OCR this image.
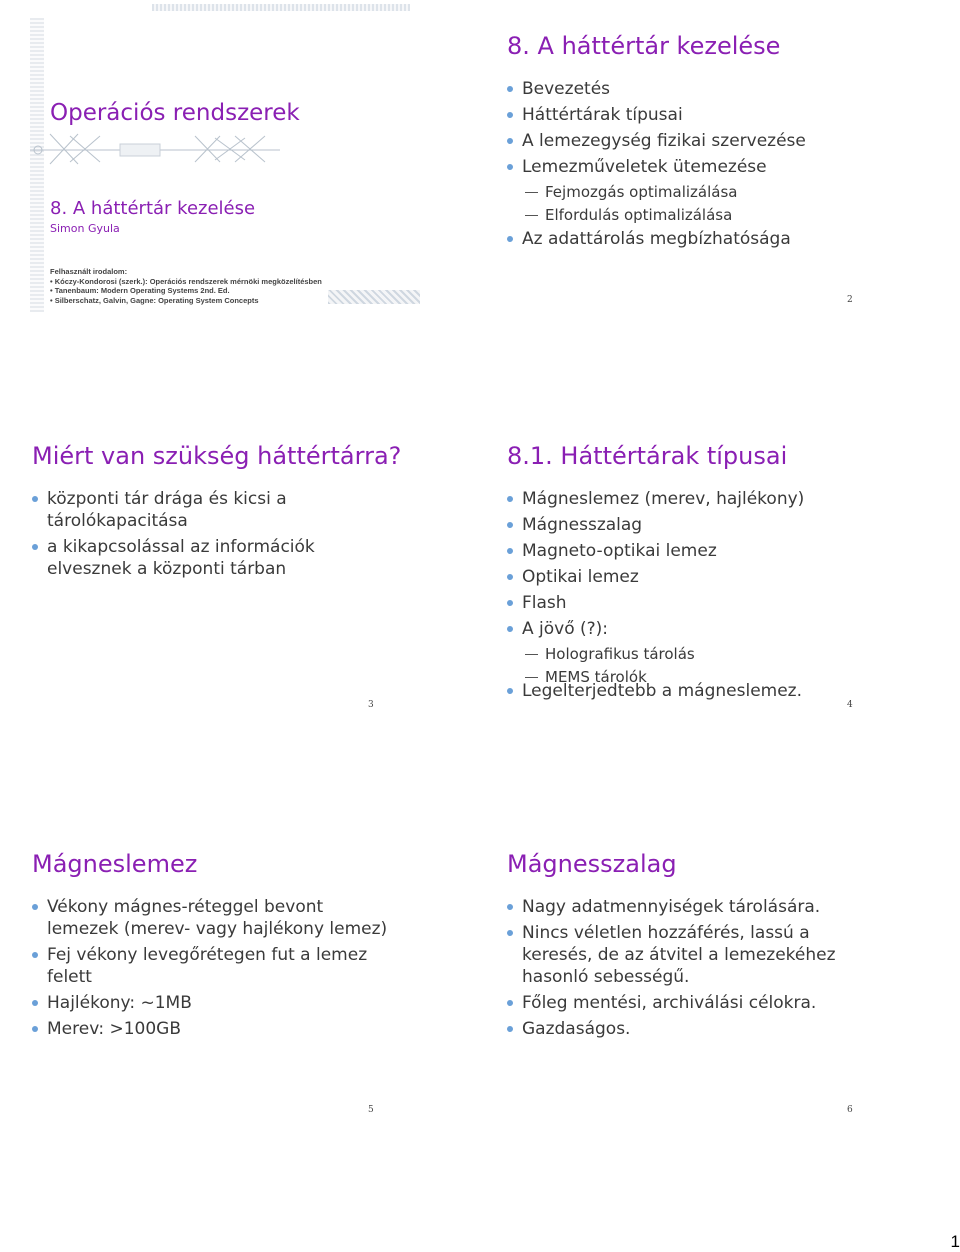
Operációs rendszerek
8. A háttértár kezelése
Simon Gyula
Felhasznált irodalom:
• Kóczy-Kondorosi (szerk.): Operációs rendszerek mérnöki megközelítésben
• Tanenbaum: Modern Operating Systems 2nd. Ed.
• Silberschatz, Galvin, Gagne: Operating System Concepts
8. A háttértár kezelése
Bevezetés
Háttértárak típusai
A lemezegység fizikai szervezése
Lemezműveletek ütemezése
Fejmozgás optimalizálása
Elfordulás optimalizálása
Az adattárolás megbízhatósága
2
Miért van szükség háttértárra?
központi tár drága és kicsi a tárolókapacitása
a kikapcsolással az információk elvesznek a központi tárban
3
8.1. Háttértárak típusai
Mágneslemez (merev, hajlékony)
Mágnesszalag
Magneto-optikai lemez
Optikai lemez
Flash
A jövő (?):
Holografikus tárolás
MEMS tárolók
Legelterjedtebb a mágneslemez.
4
Mágneslemez
Vékony mágnes-réteggel bevont lemezek (merev- vagy hajlékony lemez)
Fej vékony levegőrétegen fut a lemez felett
Hajlékony: ~1MB
Merev: >100GB
5
Mágnesszalag
Nagy adatmennyiségek tárolására.
Nincs véletlen hozzáférés, lassú a keresés, de az átvitel a lemezekéhez hasonló sebességű.
Főleg mentési, archiválási célokra.
Gazdaságos.
6
1
